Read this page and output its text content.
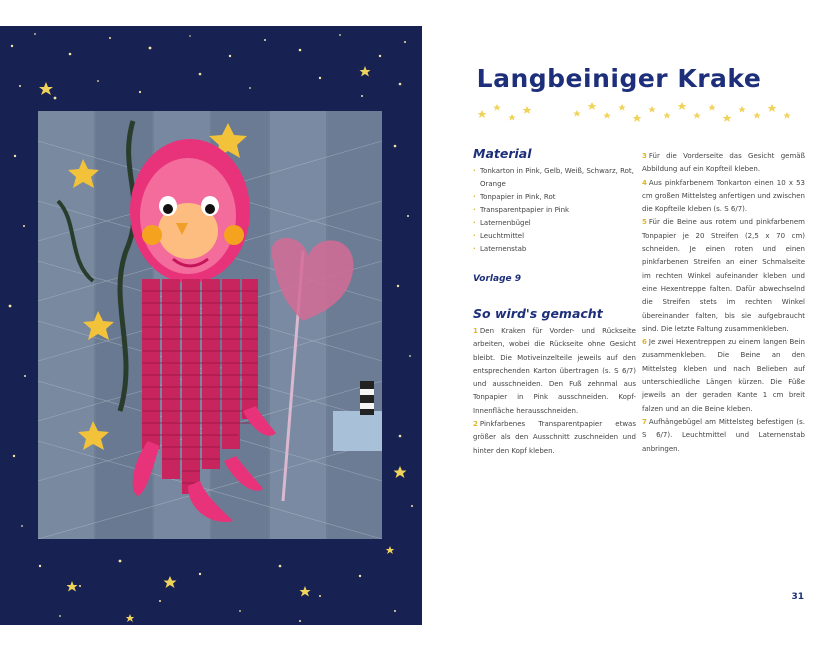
Langbeiniger Krake
Material
· Tonkarton in Pink, Gelb, Weiß, Schwarz, Rot, Orange
· Tonpapier in Pink, Rot
· Transparentpapier in Pink
· Laternenbügel
· Leuchtmittel
· Laternenstab
Vorlage 9
So wird's gemacht

1 Den Kraken für Vorder- und Rückseite arbeiten, wobei die Rückseite ohne Gesicht bleibt. Die Motiveinzelteile jeweils auf den entsprechenden Karton übertragen (s. S 6/7) und ausschneiden. Den Fuß zehnmal aus Tonpapier in Pink ausschneiden. Kopf-Innenfläche herausschneiden.

2 Pinkfarbenes Transparentpapier etwas größer als den Ausschnitt zuschneiden und hinter den Kopf kleben.

3 Für die Vorderseite das Gesicht gemäß Abbildung auf ein Kopfteil kleben.

4 Aus pinkfarbenem Tonkarton einen 10 x 53 cm großen Mittelsteg anfertigen und zwischen die Kopfteile kleben (s. S 6/7).

5 Für die Beine aus rotem und pinkfarbenem Tonpapier je 20 Streifen (2,5 x 70 cm) schneiden. Je einen roten und einen pinkfarbenen Streifen an einer Schmalseite im rechten Winkel aufeinander kleben und eine Hexentreppe falten. Dafür abwechselnd die Streifen stets im rechten Winkel übereinander falten, bis sie aufgebraucht sind. Die letzte Faltung zusammenkleben.

6 Je zwei Hexentreppen zu einem langen Bein zusammenkleben. Die Beine an den Mittelsteg kleben und nach Belieben auf unterschiedliche Längen kürzen. Die Füße jeweils an der geraden Kante 1 cm breit falzen und an die Beine kleben.

7 Aufhängebügel am Mittelsteg befestigen (s. S 6/7). Leuchtmittel und Laternenstab anbringen.

31
